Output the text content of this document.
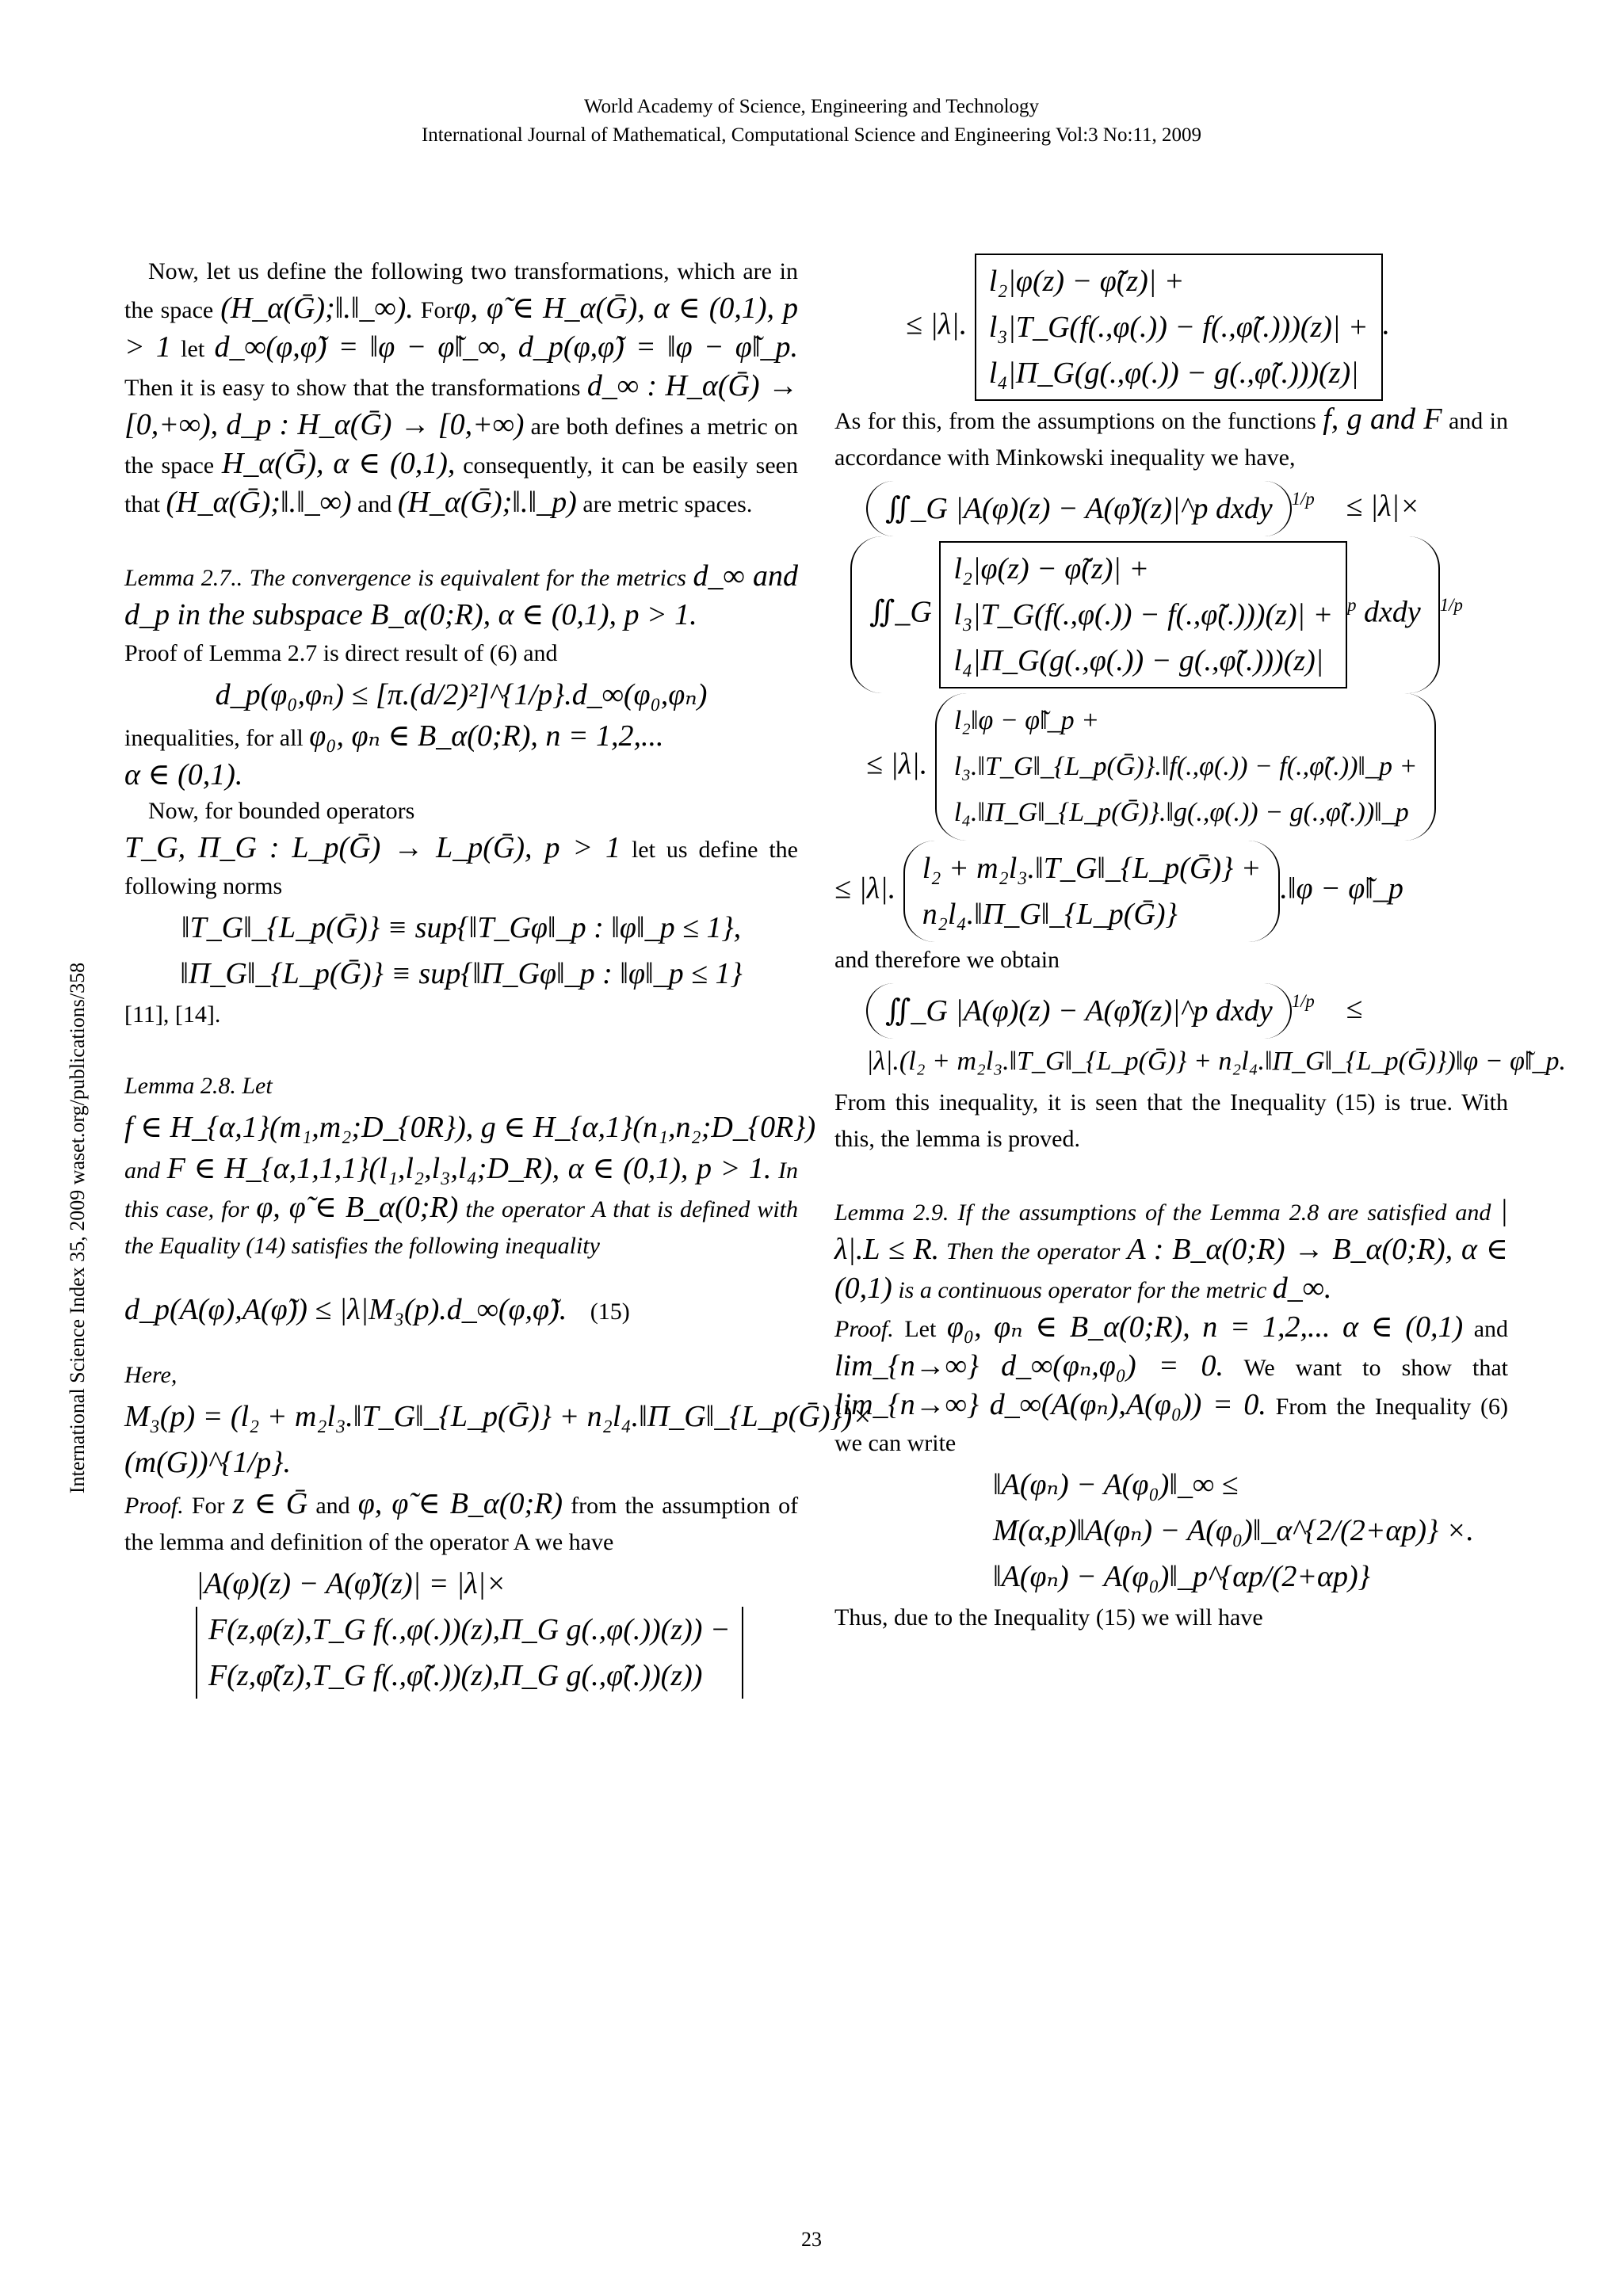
World Academy of Science, Engineering and Technology
International Journal of Mathematical, Computational Science and Engineering Vol:3 No:11, 2009
International Science Index 35, 2009 waset.org/publications/358

Now, let us define the following two transformations, which are in the space (H_α(Ḡ);‖.‖_∞). Forφ, φ̃ ∈ H_α(Ḡ), α ∈ (0,1), p > 1 let d_∞(φ,φ̃) = ‖φ − φ̃‖_∞, d_p(φ,φ̃) = ‖φ − φ̃‖_p. Then it is easy to show that the transformations d_∞ : H_α(Ḡ) → [0,+∞), d_p : H_α(Ḡ) → [0,+∞) are both defines a metric on the space H_α(Ḡ), α ∈ (0,1), consequently, it can be easily seen that (H_α(Ḡ);‖.‖_∞) and (H_α(Ḡ);‖.‖_p) are metric spaces.

Lemma 2.7.. The convergence is equivalent for the metrics d_∞ and d_p in the subspace B_α(0;R), α ∈ (0,1), p > 1.

Proof of Lemma 2.7 is direct result of (6) and

d_p(φ₀,φₙ) ≤ [π.(d/2)²]^{1/p}.d_∞(φ₀,φₙ)

inequalities, for all φ₀, φₙ ∈ B_α(0;R), n = 1,2,...

α ∈ (0,1).

Now, for bounded operators

T_G, Π_G : L_p(Ḡ) → L_p(Ḡ), p > 1 let us define the following norms

‖T_G‖_{L_p(Ḡ)} ≡ sup{‖T_Gφ‖_p : ‖φ‖_p ≤ 1},
‖Π_G‖_{L_p(Ḡ)} ≡ sup{‖Π_Gφ‖_p : ‖φ‖_p ≤ 1}

[11], [14].

Lemma 2.8. Let

f ∈ H_{α,1}(m₁,m₂;D_{0R}), g ∈ H_{α,1}(n₁,n₂;D_{0R})

and F ∈ H_{α,1,1,1}(l₁,l₂,l₃,l₄;D_R), α ∈ (0,1), p > 1. In this case, for φ, φ̃ ∈ B_α(0;R) the operator A that is defined with the Equality (14) satisfies the following inequality

d_p(A(φ),A(φ̃)) ≤ |λ|M₃(p).d_∞(φ,φ̃). (15)

Here,

M₃(p) = (l₂ + m₂l₃.‖T_G‖_{L_p(Ḡ)} + n₂l₄.‖Π_G‖_{L_p(Ḡ)})×
(m(G))^{1/p}.

Proof. For z ∈ Ḡ and φ, φ̃ ∈ B_α(0;R) from the assumption of the lemma and definition of the operator A we have

|A(φ)(z) − A(φ̃)(z)| = |λ|×
F(z,φ(z),T_G f(.,φ(.))(z),Π_G g(.,φ(.))(z)) −
F(z,φ̃(z),T_G f(.,φ̃(.))(z),Π_G g(.,φ̃(.))(z))
≤ |λ|.
l₂|φ(z) − φ̃(z)| +
l₃|T_G(f(.,φ(.)) − f(.,φ̃(.)))(z)| +
l₄|Π_G(g(.,φ(.)) − g(.,φ̃(.)))(z)|
.

As for this, from the assumptions on the functions f, g and F and in accordance with Minkowski inequality we have,

∬_G |A(φ)(z) − A(φ̃)(z)|^p dxdy $^{1/p}$ ≤ |λ|×
∬_G
l₂|φ(z) − φ̃(z)| +
l₃|T_G(f(.,φ(.)) − f(.,φ̃(.)))(z)| +
l₄|Π_G(g(.,φ(.)) − g(.,φ̃(.)))(z)|
$^p$ dxdy $^{1/p}$
≤ |λ|.
l₂‖φ − φ̃‖_p +
l₃.‖T_G‖_{L_p(Ḡ)}.‖f(.,φ(.)) − f(.,φ̃(.))‖_p +
l₄.‖Π_G‖_{L_p(Ḡ)}.‖g(.,φ(.)) − g(.,φ̃(.))‖_p
≤ |λ|.
l₂ + m₂l₃.‖T_G‖_{L_p(Ḡ)} +
n₂l₄.‖Π_G‖_{L_p(Ḡ)}
.‖φ − φ̃‖_p

and therefore we obtain

∬_G |A(φ)(z) − A(φ̃)(z)|^p dxdy $^{1/p}$ ≤
|λ|.(l₂ + m₂l₃.‖T_G‖_{L_p(Ḡ)} + n₂l₄.‖Π_G‖_{L_p(Ḡ)})‖φ − φ̃‖_p.

From this inequality, it is seen that the Inequality (15) is true. With this, the lemma is proved.

Lemma 2.9. If the assumptions of the Lemma 2.8 are satisfied and |λ|.L ≤ R. Then the operator A : B_α(0;R) → B_α(0;R), α ∈ (0,1) is a continuous operator for the metric d_∞.

Proof. Let φ₀, φₙ ∈ B_α(0;R), n = 1,2,... α ∈ (0,1) and lim_{n→∞} d_∞(φₙ,φ₀) = 0. We want to show that lim_{n→∞} d_∞(A(φₙ),A(φ₀)) = 0. From the Inequality (6) we can write

‖A(φₙ) − A(φ₀)‖_∞ ≤
M(α,p)‖A(φₙ) − A(φ₀)‖_α^{2/(2+αp)} ×.
‖A(φₙ) − A(φ₀)‖_p^{αp/(2+αp)}

Thus, due to the Inequality (15) we will have

23
